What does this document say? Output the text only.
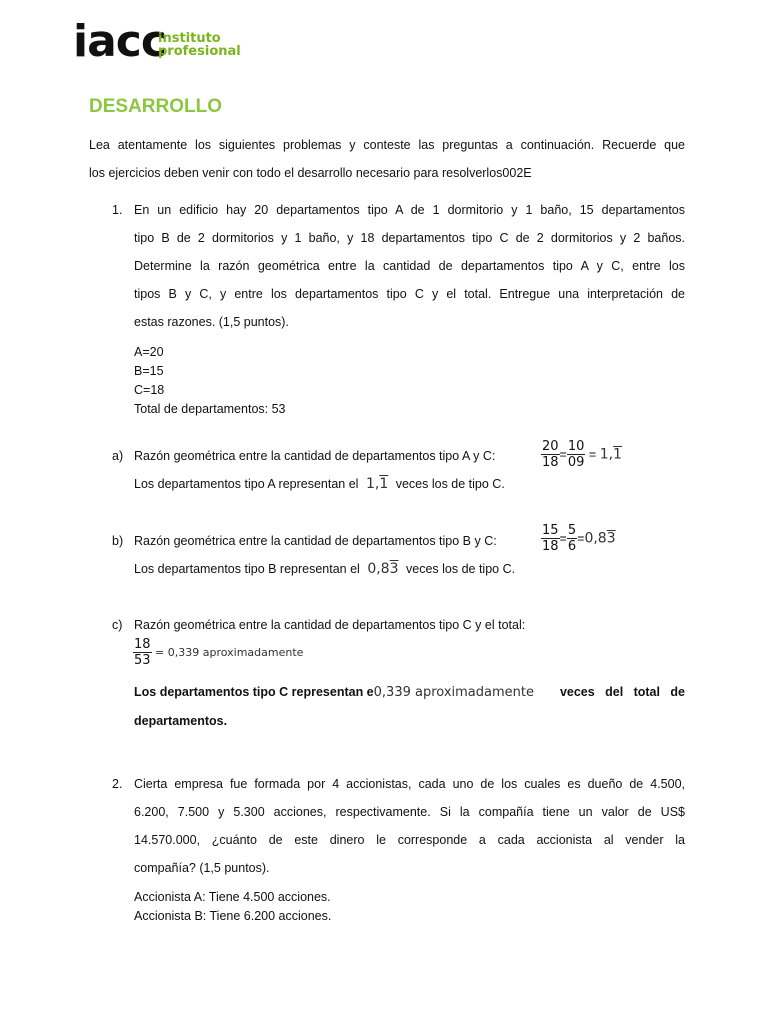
iacc
instituto
profesional
DESARROLLO
Lea atentamente los siguientes problemas y conteste las preguntas a continuación. Recuerde que
los ejercicios deben venir con todo el desarrollo necesario para resolverlos002E
1. En un edificio hay 20 departamentos tipo A de 1 dormitorio y 1 baño, 15 departamentos
tipo B de 2 dormitorios y 1 baño, y 18 departamentos tipo C de 2 dormitorios y 2 baños.
Determine la razón geométrica entre la cantidad de departamentos tipo A y C, entre los
tipos B y C, y entre los departamentos tipo C y el total. Entregue una interpretación de
estas razones. (1,5 puntos).
A=20
B=15
C=18
Total de departamentos: 53
a) Razón geométrica entre la cantidad de departamentos tipo A y C:	$\frac{20}{18} = \frac{10}{09} = 1,1$
Los departamentos tipo A representan el 1,1 veces los de tipo C.
b) Razón geométrica entre la cantidad de departamentos tipo B y C:	$\frac{15}{18} = \frac{5}{6} =0,83$
Los departamentos tipo B representan el 0,83 veces los de tipo C.
c) Razón geométrica entre la cantidad de departamentos tipo C y el total:
$\frac{18}{53} = 0,339$ aproximadamente
Los departamentos tipo C representan e0,339 aproximadamente veces   del   total   de
departamentos.
2. Cierta empresa fue formada por 4 accionistas, cada uno de los cuales es dueño de 4.500,
6.200, 7.500 y 5.300 acciones, respectivamente. Si la compañía tiene un valor de US$
14.570.000, ¿cuánto de este dinero le corresponde a cada accionista al vender la
compañía? (1,5 puntos).
Accionista A: Tiene 4.500 acciones.
Accionista B: Tiene 6.200 acciones.
